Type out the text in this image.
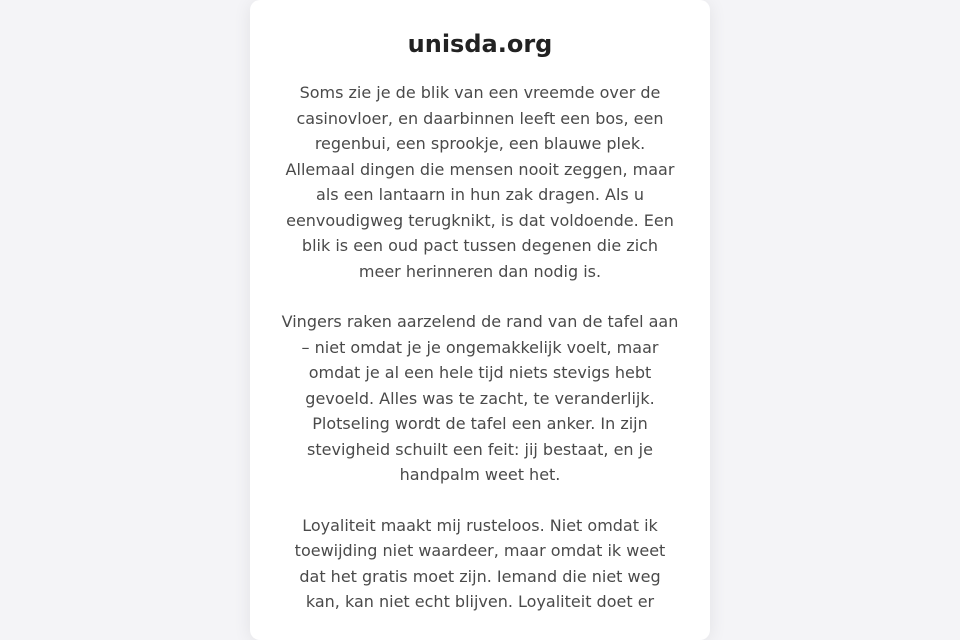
unisda.org

Soms zie je de blik van een vreemde over de casinovloer, en daarbinnen leeft een bos, een regenbui, een sprookje, een blauwe plek. Allemaal dingen die mensen nooit zeggen, maar als een lantaarn in hun zak dragen. Als u eenvoudigweg terugknikt, is dat voldoende. Een blik is een oud pact tussen degenen die zich meer herinneren dan nodig is.

Vingers raken aarzelend de rand van de tafel aan – niet omdat je je ongemakkelijk voelt, maar omdat je al een hele tijd niets stevigs hebt gevoeld. Alles was te zacht, te veranderlijk. Plotseling wordt de tafel een anker. In zijn stevigheid schuilt een feit: jij bestaat, en je handpalm weet het.

Loyaliteit maakt mij rusteloos. Niet omdat ik toewijding niet waardeer, maar omdat ik weet dat het gratis moet zijn. Iemand die niet weg kan, kan niet echt blijven. Loyaliteit doet er
